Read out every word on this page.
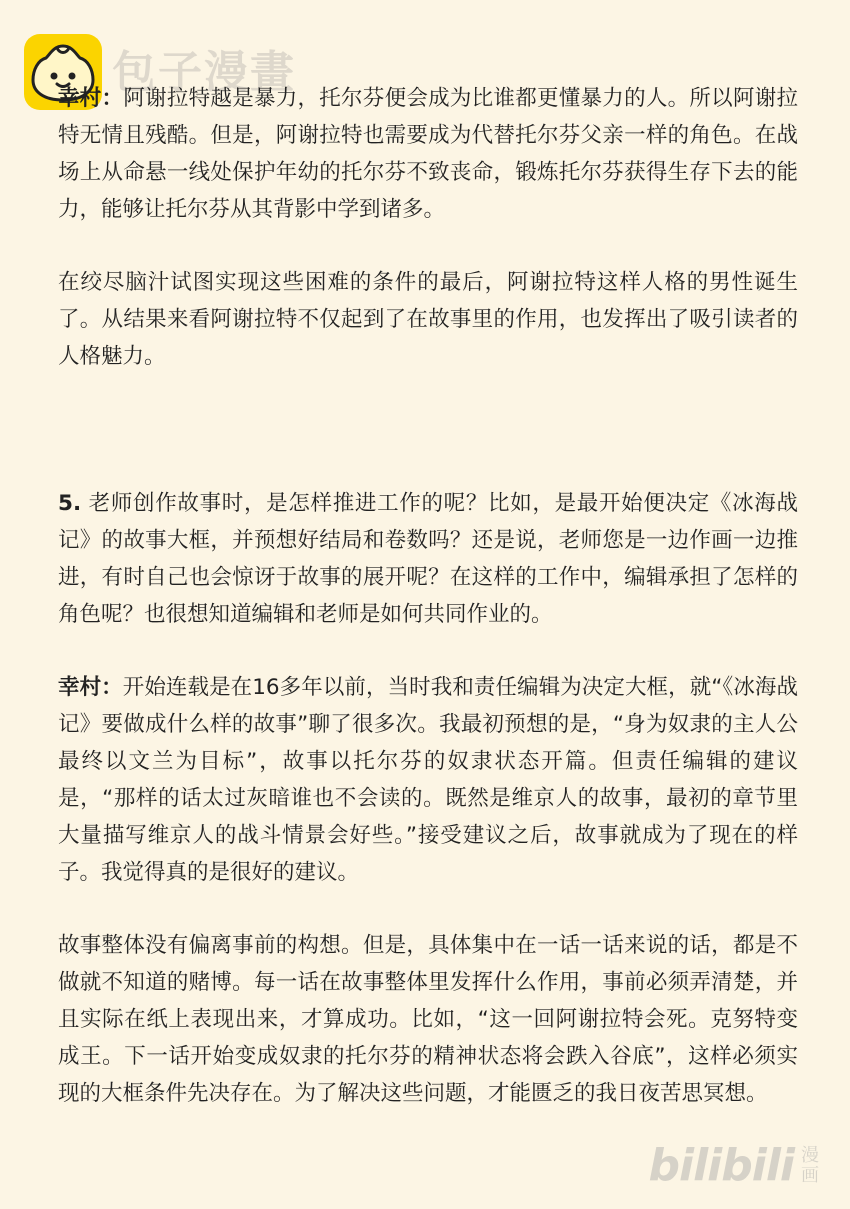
包子漫畫

幸村：阿谢拉特越是暴力，托尔芬便会成为比谁都更懂暴力的人。所以阿谢拉特无情且残酷。但是，阿谢拉特也需要成为代替托尔芬父亲一样的角色。在战场上从命悬一线处保护年幼的托尔芬不致丧命，锻炼托尔芬获得生存下去的能力，能够让托尔芬从其背影中学到诸多。

在绞尽脑汁试图实现这些困难的条件的最后，阿谢拉特这样人格的男性诞生了。从结果来看阿谢拉特不仅起到了在故事里的作用，也发挥出了吸引读者的人格魅力。

5. 老师创作故事时，是怎样推进工作的呢？比如，是最开始便决定《冰海战记》的故事大框，并预想好结局和卷数吗？还是说，老师您是一边作画一边推进，有时自己也会惊讶于故事的展开呢？在这样的工作中，编辑承担了怎样的角色呢？也很想知道编辑和老师是如何共同作业的。

幸村：开始连载是在16多年以前，当时我和责任编辑为决定大框，就“《冰海战记》要做成什么样的故事”聊了很多次。我最初预想的是，“身为奴隶的主人公最终以文兰为目标”，故事以托尔芬的奴隶状态开篇。但责任编辑的建议是，“那样的话太过灰暗谁也不会读的。既然是维京人的故事，最初的章节里大量描写维京人的战斗情景会好些。”接受建议之后，故事就成为了现在的样子。我觉得真的是很好的建议。

故事整体没有偏离事前的构想。但是，具体集中在一话一话来说的话，都是不做就不知道的赌博。每一话在故事整体里发挥什么作用，事前必须弄清楚，并且实际在纸上表现出来，才算成功。比如，“这一回阿谢拉特会死。克努特变成王。下一话开始变成奴隶的托尔芬的精神状态将会跌入谷底”，这样必须实现的大框条件先决存在。为了解决这些问题，才能匮乏的我日夜苦思冥想。

bilibili 漫画
